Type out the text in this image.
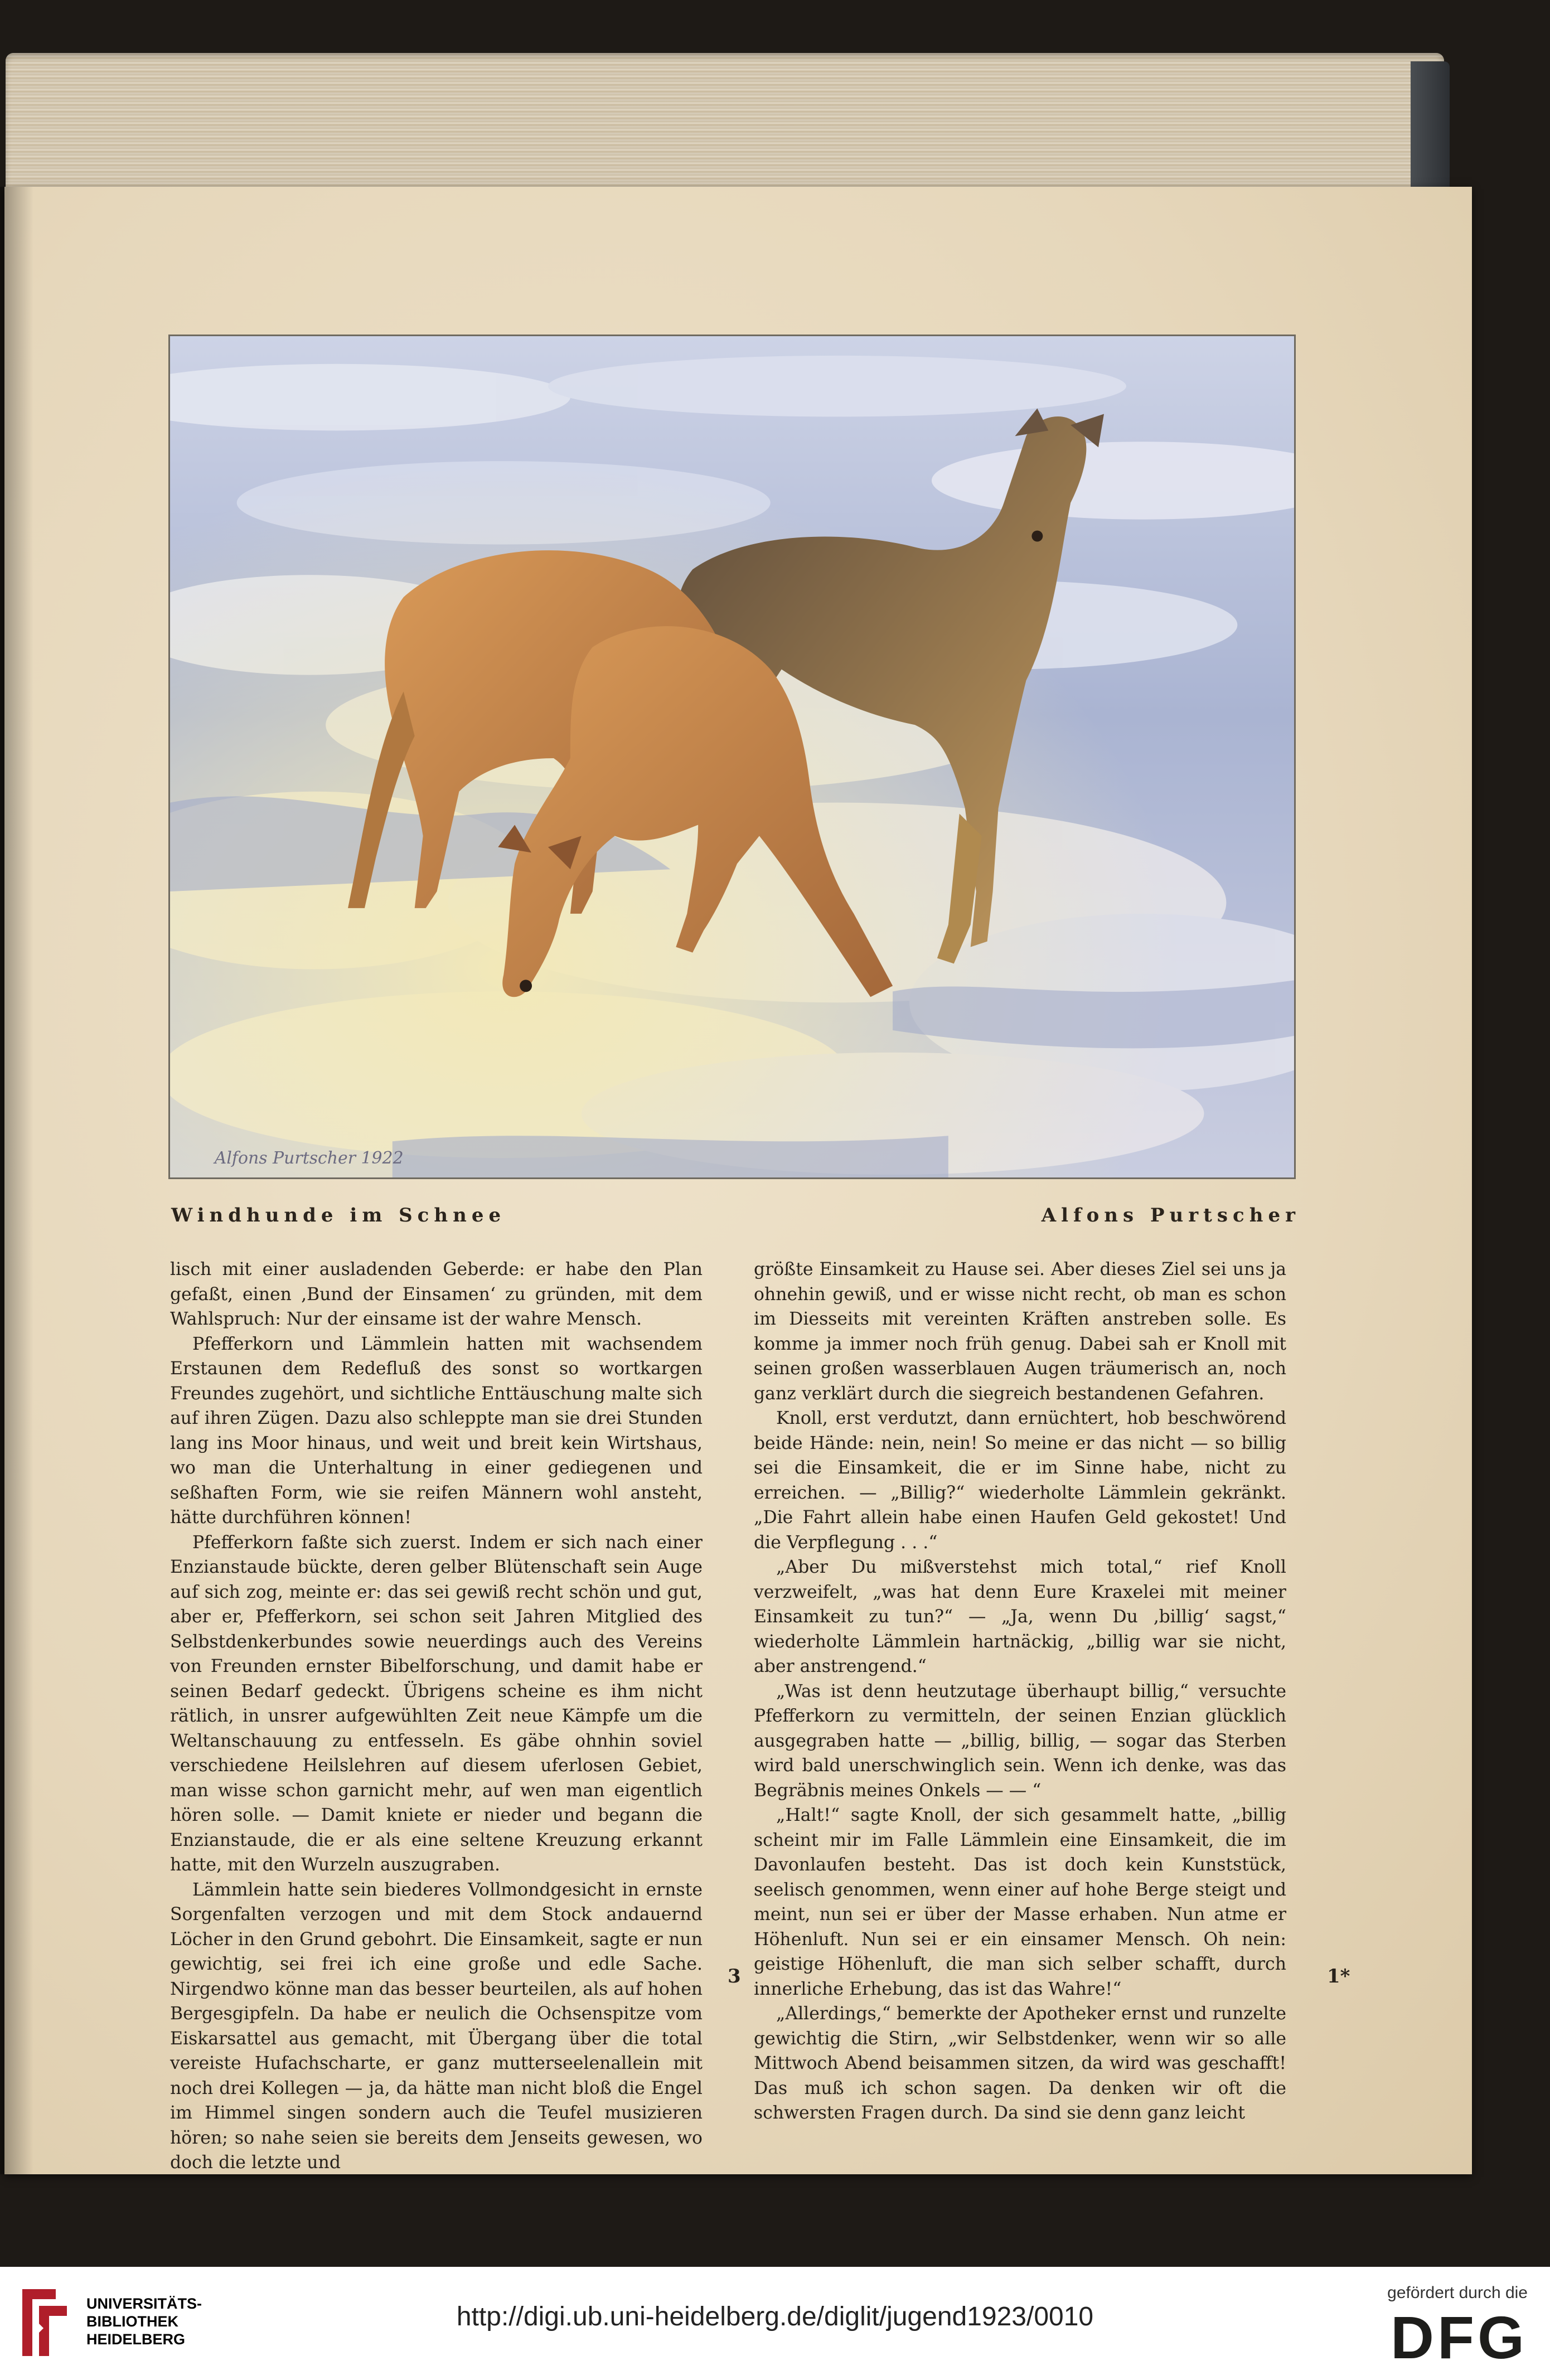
Alfons Purtscher 1922
Windhunde im Schnee	Alfons Purtscher

lisch mit einer ausladenden Geberde: er habe den Plan gefaßt, einen ‚Bund der Einsamen‘ zu gründen, mit dem Wahlspruch: Nur der einsame ist der wahre Mensch.

Pfefferkorn und Lämmlein hatten mit wachsendem Erstaunen dem Redefluß des sonst so wortkargen Freundes zugehört, und sichtliche Enttäuschung malte sich auf ihren Zügen. Dazu also schleppte man sie drei Stunden lang ins Moor hinaus, und weit und breit kein Wirtshaus, wo man die Unterhaltung in einer gediegenen und seßhaften Form, wie sie reifen Männern wohl ansteht, hätte durchführen können!

Pfefferkorn faßte sich zuerst. Indem er sich nach einer Enzianstaude bückte, deren gelber Blütenschaft sein Auge auf sich zog, meinte er: das sei gewiß recht schön und gut, aber er, Pfefferkorn, sei schon seit Jahren Mitglied des Selbstdenkerbundes sowie neuerdings auch des Vereins von Freunden ernster Bibelforschung, und damit habe er seinen Bedarf gedeckt. Übrigens scheine es ihm nicht rätlich, in unsrer aufgewühlten Zeit neue Kämpfe um die Weltanschauung zu entfesseln. Es gäbe ohnhin soviel verschiedene Heilslehren auf diesem uferlosen Gebiet, man wisse schon garnicht mehr, auf wen man eigentlich hören solle. — Damit kniete er nieder und begann die Enzianstaude, die er als eine seltene Kreuzung erkannt hatte, mit den Wurzeln auszugraben.

Lämmlein hatte sein biederes Vollmondgesicht in ernste Sorgenfalten verzogen und mit dem Stock andauernd Löcher in den Grund gebohrt. Die Einsamkeit, sagte er nun gewichtig, sei frei ich eine große und edle Sache. Nirgendwo könne man das besser beurteilen, als auf hohen Bergesgipfeln. Da habe er neulich die Ochsenspitze vom Eiskarsattel aus gemacht, mit Übergang über die total vereiste Hufachscharte, er ganz mutterseelenallein mit noch drei Kollegen — ja, da hätte man nicht bloß die Engel im Himmel singen sondern auch die Teufel musizieren hören; so nahe seien sie bereits dem Jenseits gewesen, wo doch die letzte und

größte Einsamkeit zu Hause sei. Aber dieses Ziel sei uns ja ohnehin gewiß, und er wisse nicht recht, ob man es schon im Diesseits mit vereinten Kräften anstreben solle. Es komme ja immer noch früh genug. Dabei sah er Knoll mit seinen großen wasserblauen Augen träumerisch an, noch ganz verklärt durch die siegreich bestandenen Gefahren.

Knoll, erst verdutzt, dann ernüchtert, hob beschwörend beide Hände: nein, nein! So meine er das nicht — so billig sei die Einsamkeit, die er im Sinne habe, nicht zu erreichen. — „Billig?“ wiederholte Lämmlein gekränkt. „Die Fahrt allein habe einen Haufen Geld gekostet! Und die Verpflegung . . .“

„Aber Du mißverstehst mich total,“ rief Knoll verzweifelt, „was hat denn Eure Kraxelei mit meiner Einsamkeit zu tun?“ — „Ja, wenn Du ‚billig‘ sagst,“ wiederholte Lämmlein hartnäckig, „billig war sie nicht, aber anstrengend.“

„Was ist denn heutzutage überhaupt billig,“ versuchte Pfefferkorn zu vermitteln, der seinen Enzian glücklich ausgegraben hatte — „billig, billig, — sogar das Sterben wird bald unerschwinglich sein. Wenn ich denke, was das Begräbnis meines Onkels — — “

„Halt!“ sagte Knoll, der sich gesammelt hatte, „billig scheint mir im Falle Lämmlein eine Einsamkeit, die im Davonlaufen besteht. Das ist doch kein Kunststück, seelisch genommen, wenn einer auf hohe Berge steigt und meint, nun sei er über der Masse erhaben. Nun atme er Höhenluft. Nun sei er ein einsamer Mensch. Oh nein: geistige Höhenluft, die man sich selber schafft, durch innerliche Erhebung, das ist das Wahre!“

„Allerdings,“ bemerkte der Apotheker ernst und runzelte gewichtig die Stirn, „wir Selbstdenker, wenn wir so alle Mittwoch Abend beisammen sitzen, da wird was geschafft! Das muß ich schon sagen. Da denken wir oft die schwersten Fragen durch. Da sind sie denn ganz leicht

3	1*
UNIVERSITÄTS-
BIBLIOTHEK
HEIDELBERG
http://digi.ub.uni-heidelberg.de/diglit/jugend1923/0010
gefördert durch die
DFG
